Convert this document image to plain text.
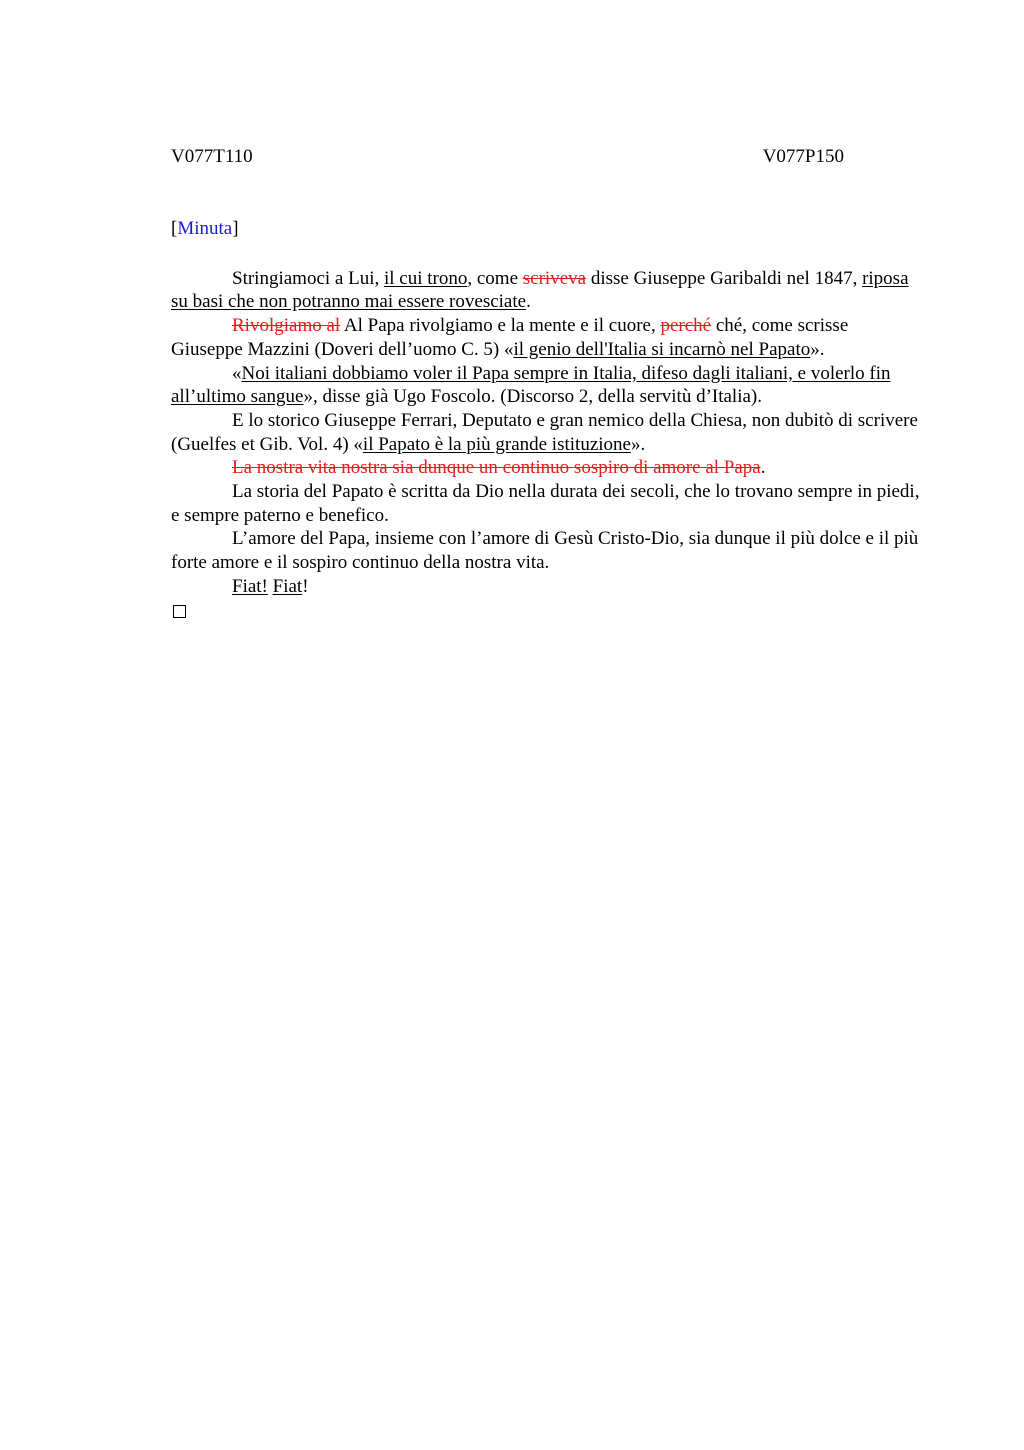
V077T110	V077P150
[Minuta]

Stringiamoci a Lui, il cui trono, come scriveva disse Giuseppe Garibaldi nel 1847, riposa su basi che non potranno mai essere rovesciate.

Rivolgiamo al Al Papa rivolgiamo e la mente e il cuore, perché ché, come scrisse Giuseppe Mazzini (Doveri dell’uomo C. 5) «il genio dell'Italia si incarnò nel Papato».

«Noi italiani dobbiamo voler il Papa sempre in Italia, difeso dagli italiani, e volerlo fin all’ultimo sangue», disse già Ugo Foscolo. (Discorso 2, della servitù d’Italia).

E lo storico Giuseppe Ferrari, Deputato e gran nemico della Chiesa, non dubitò di scrivere (Guelfes et Gib. Vol. 4) «il Papato è la più grande istituzione».

La nostra vita nostra sia dunque un continuo sospiro di amore al Papa.

La storia del Papato è scritta da Dio nella durata dei secoli, che lo trovano sempre in piedi, e sempre paterno e benefico.

L’amore del Papa, insieme con l’amore di Gesù Cristo-Dio, sia dunque il più dolce e il più forte amore e il sospiro continuo della nostra vita.

Fiat! Fiat!
